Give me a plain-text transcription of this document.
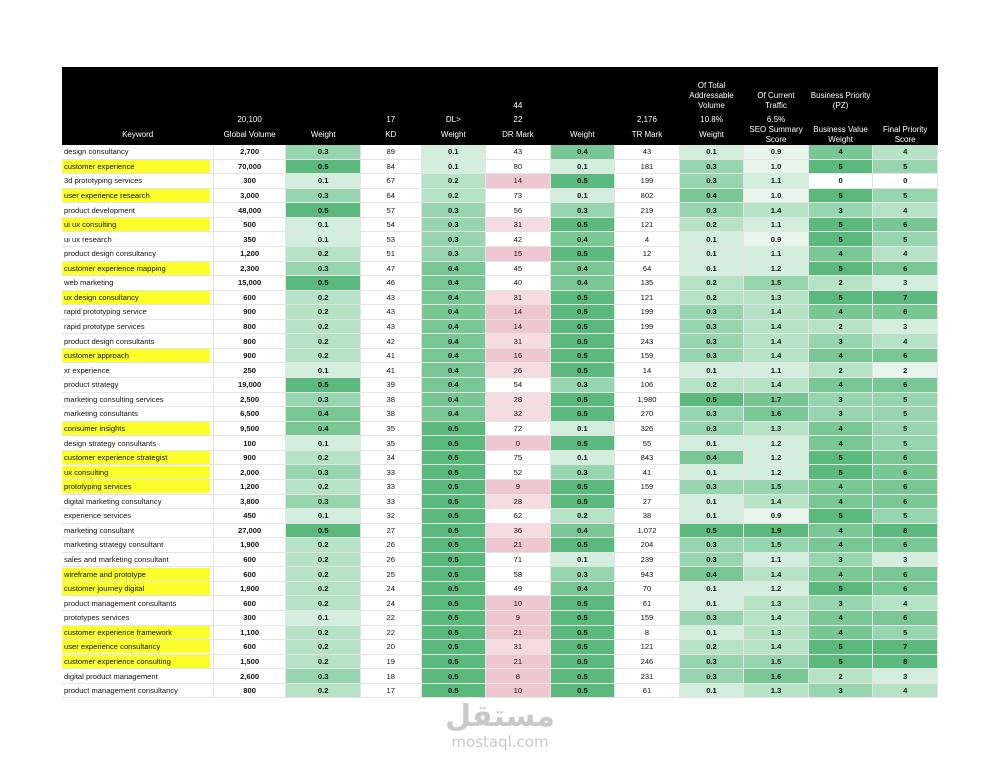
					44			Of Total Addressable Volume	Of Current Traffic	Business Priority (PZ)	
	20,100		17	DL>	22		2,176	10.8%	6.5%		
Keyword	Global Volume	Weight	KD	Weight	DR Mark	Weight	TR Mark	Weight	SEO Summary Score	Business Value Weight	Final Priority Score
design consultancy	2,700	0.3	89	0.1	43	0.4	43	0.1	0.9	4	4

customer experience	70,000	0.5	84	0.1	80	0.1	181	0.3	1.0	5	5
3d prototyping services	300	0.1	67	0.2	14	0.5	199	0.3	1.1	0	0

user experience research	3,000	0.3	64	0.2	73	0.1	802	0.4	1.0	5	5
product development	48,000	0.5	57	0.3	56	0.3	219	0.3	1.4	3	4

ui ux consulting	500	0.1	54	0.3	31	0.5	121	0.2	1.1	5	6
ui ux research	350	0.1	53	0.3	42	0.4	4	0.1	0.9	5	5
product design consultancy	1,200	0.2	51	0.3	15	0.5	12	0.1	1.1	4	4

customer experience mapping	2,300	0.3	47	0.4	45	0.4	64	0.1	1.2	5	6
web marketing	15,000	0.5	46	0.4	40	0.4	135	0.2	1.5	2	3

ux design consultancy	600	0.2	43	0.4	31	0.5	121	0.2	1.3	5	7
rapid prototyping service	900	0.2	43	0.4	14	0.5	199	0.3	1.4	4	6
rapid prototype services	800	0.2	43	0.4	14	0.5	199	0.3	1.4	2	3
product design consultants	800	0.2	42	0.4	31	0.5	243	0.3	1.4	3	4

customer approach	900	0.2	41	0.4	16	0.5	159	0.3	1.4	4	6
xr experience	250	0.1	41	0.4	26	0.5	14	0.1	1.1	2	2
product strategy	19,000	0.5	39	0.4	54	0.3	106	0.2	1.4	4	6
marketing consulting services	2,500	0.3	38	0.4	28	0.5	1,980	0.5	1.7	3	5
marketing consultants	6,500	0.4	38	0.4	32	0.5	270	0.3	1.6	3	5

consumer insights	9,500	0.4	35	0.5	72	0.1	326	0.3	1.3	4	5
design strategy consultants	100	0.1	35	0.5	0	0.5	55	0.1	1.2	4	5

customer experience strategist	900	0.2	34	0.5	75	0.1	843	0.4	1.2	5	6

ux consulting	2,000	0.3	33	0.5	52	0.3	41	0.1	1.2	5	6

prototyping services	1,200	0.2	33	0.5	9	0.5	159	0.3	1.5	4	6
digital marketing consultancy	3,800	0.3	33	0.5	28	0.5	27	0.1	1.4	4	6
experience services	450	0.1	32	0.5	62	0.2	38	0.1	0.9	5	5
marketing consultant	27,000	0.5	27	0.5	36	0.4	1,072	0.5	1.9	4	8
marketing strategy consultant	1,900	0.2	26	0.5	21	0.5	204	0.3	1.5	4	6
sales and marketing consultant	600	0.2	26	0.5	71	0.1	239	0.3	1.1	3	3

wireframe and prototype	600	0.2	25	0.5	58	0.3	943	0.4	1.4	4	6

customer journey digital	1,900	0.2	24	0.5	49	0.4	70	0.1	1.2	5	6
product management consultants	600	0.2	24	0.5	10	0.5	61	0.1	1.3	3	4
prototypes services	300	0.1	22	0.5	9	0.5	159	0.3	1.4	4	6

customer experience framework	1,100	0.2	22	0.5	21	0.5	8	0.1	1.3	4	5

user experience consultancy	600	0.2	20	0.5	31	0.5	121	0.2	1.4	5	7

customer experience consulting	1,500	0.2	19	0.5	21	0.5	246	0.3	1.5	5	8
digital product management	2,600	0.3	18	0.5	8	0.5	231	0.3	1.6	2	3
product management consultancy	800	0.2	17	0.5	10	0.5	61	0.1	1.3	3	4
مستقل
mostaql.com
